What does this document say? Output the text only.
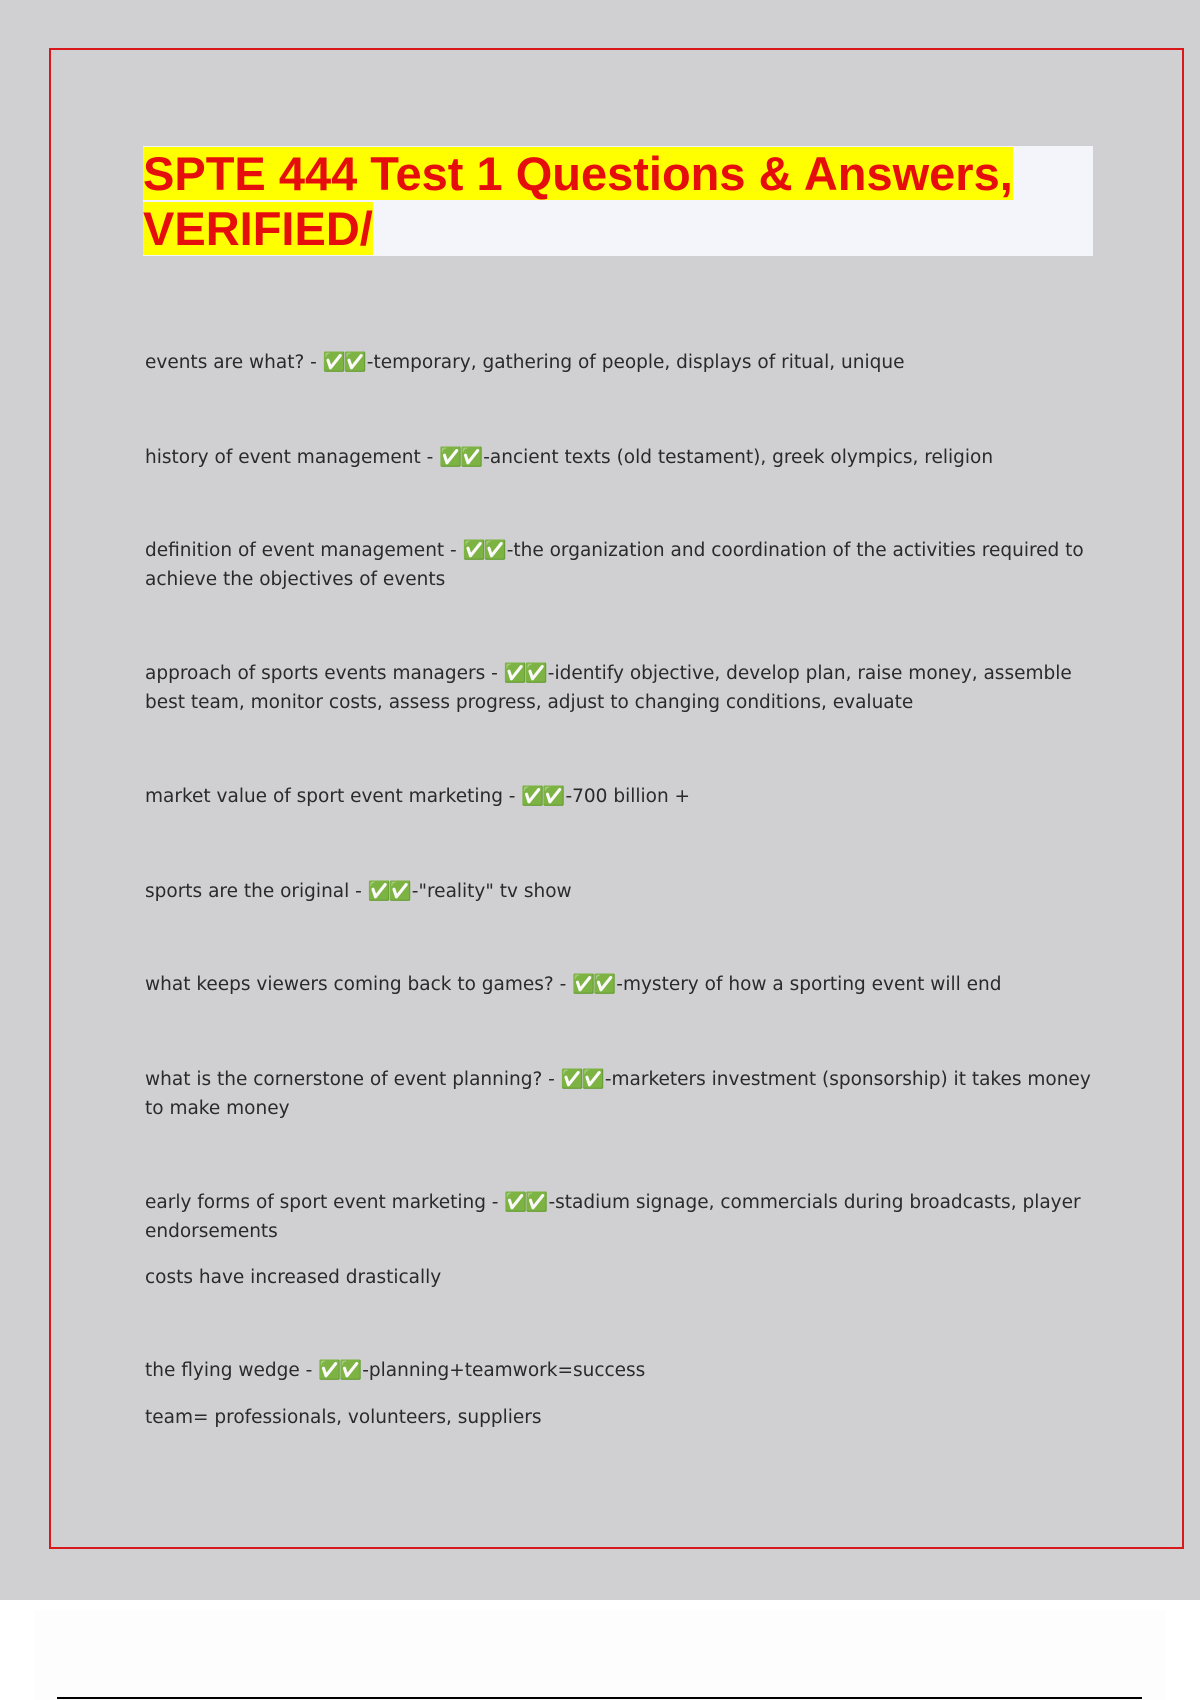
SPTE 444 Test 1 Questions & Answers, VERIFIED/

events are what? - ✅✅ -temporary, gathering of people, displays of ritual, unique

history of event management - ✅✅ -ancient texts (old testament), greek olympics, religion

definition of event management - ✅✅ -the organization and coordination of the activities required to achieve the objectives of events

approach of sports events managers - ✅✅ -identify objective, develop plan, raise money, assemble best team, monitor costs, assess progress, adjust to changing conditions, evaluate

market value of sport event marketing - ✅✅ -700 billion +

sports are the original - ✅✅ -"reality" tv show

what keeps viewers coming back to games? - ✅✅ -mystery of how a sporting event will end

what is the cornerstone of event planning? - ✅✅ -marketers investment (sponsorship) it takes money to make money

early forms of sport event marketing - ✅✅ -stadium signage, commercials during broadcasts, player endorsements

costs have increased drastically

the flying wedge - ✅✅ -planning+teamwork=success

team= professionals, volunteers, suppliers
